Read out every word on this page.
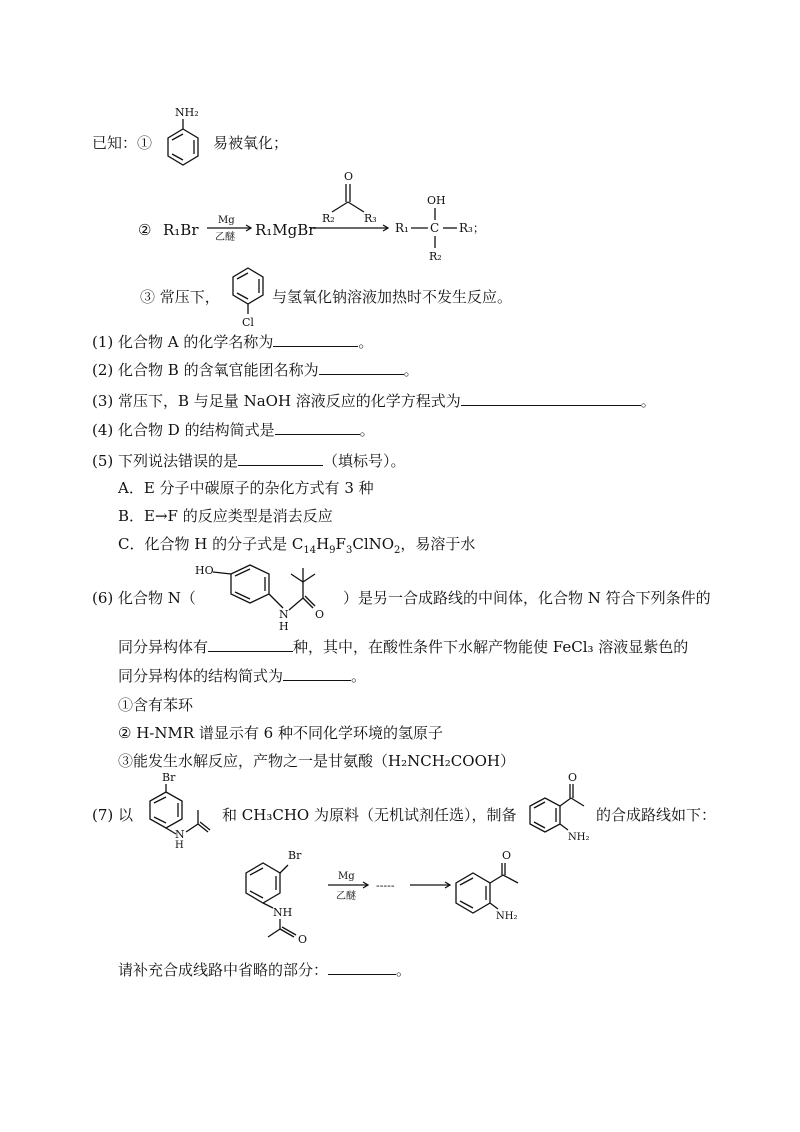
已知：①
NH₂
易被氧化；
② R₁Br
Mg
乙醚 R₁MgBr
O
R₂	R₃
OH
R₁ C R₃；
R₂
③ 常压下，
Cl
与氢氧化钠溶液加热时不发生反应。
(1) 化合物 A 的化学名称为	。
(2) 化合物 B 的含氧官能团名称为	。
(3) 常压下，B 与足量 NaOH 溶液反应的化学方程式为	。
(4) 化合物 D 的结构简式是	。
(5) 下列说法错误的是	（填标号）。
A．E 分子中碳原子的杂化方式有 3 种
B．E→F 的反应类型是消去反应
C．化合物 H 的分子式是 $C_{14}H_9F_3ClNO_2$，易溶于水
(6) 化合物 N（
HO
N
H
O
）是另一合成路线的中间体，化合物 N 符合下列条件的
同分异构体有	种，其中，在酸性条件下水解产物能使 FeCl₃ 溶液显紫色的
同分异构体的结构简式为	。
①含有苯环
② H-NMR 谱显示有 6 种不同化学环境的氢原子
③能发生水解反应，产物之一是甘氨酸（H₂NCH₂COOH）
(7) 以
Br
N
H
和 CH₃CHO 为原料（无机试剂任选），制备
O
NH₂
的合成路线如下：
Br
NH
O
Mg
乙醚
-----
O
NH₂
请补充合成线路中省略的部分：	。
